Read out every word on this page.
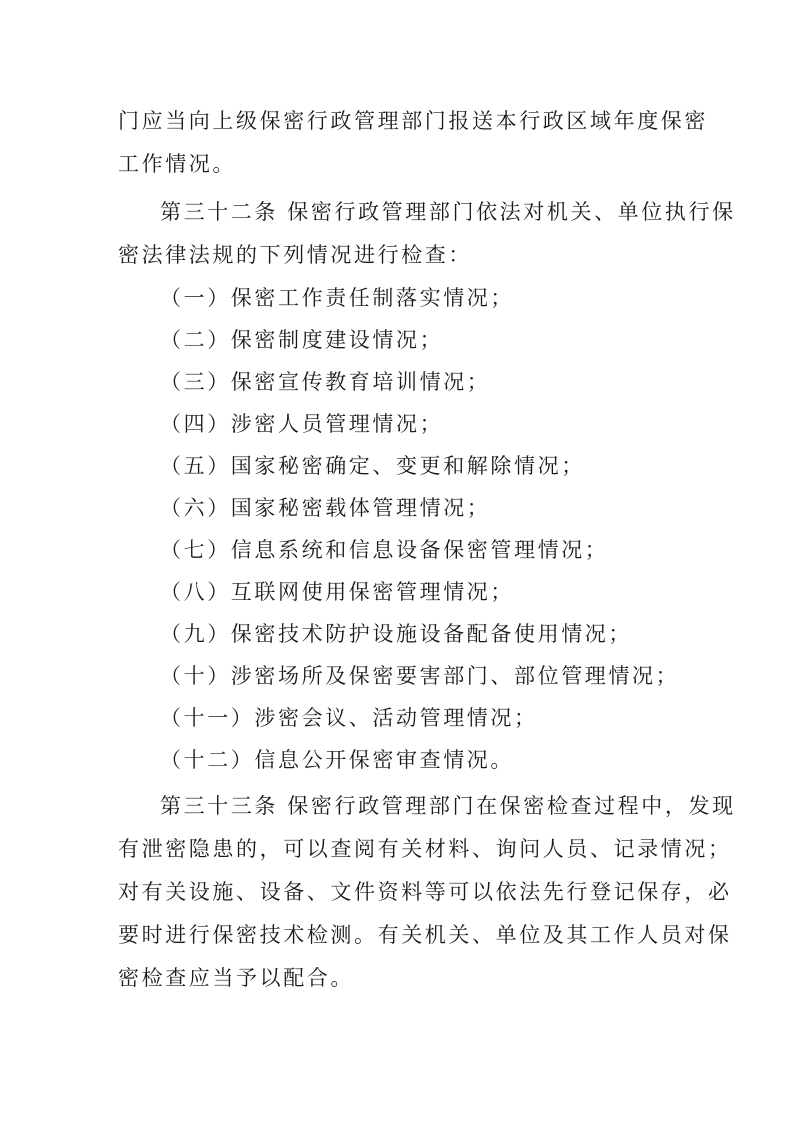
门应当向上级保密行政管理部门报送本行政区域年度保密
工作情况。
第三十二条 保密行政管理部门依法对机关、单位执行保
密法律法规的下列情况进行检查：
（一）保密工作责任制落实情况；
（二）保密制度建设情况；
（三）保密宣传教育培训情况；
（四）涉密人员管理情况；
（五）国家秘密确定、变更和解除情况；
（六）国家秘密载体管理情况；
（七）信息系统和信息设备保密管理情况；
（八）互联网使用保密管理情况；
（九）保密技术防护设施设备配备使用情况；
（十）涉密场所及保密要害部门、部位管理情况；
（十一）涉密会议、活动管理情况；
（十二）信息公开保密审查情况。
第三十三条 保密行政管理部门在保密检查过程中，发现
有泄密隐患的，可以查阅有关材料、询问人员、记录情况；
对有关设施、设备、文件资料等可以依法先行登记保存，必
要时进行保密技术检测。有关机关、单位及其工作人员对保
密检查应当予以配合。
